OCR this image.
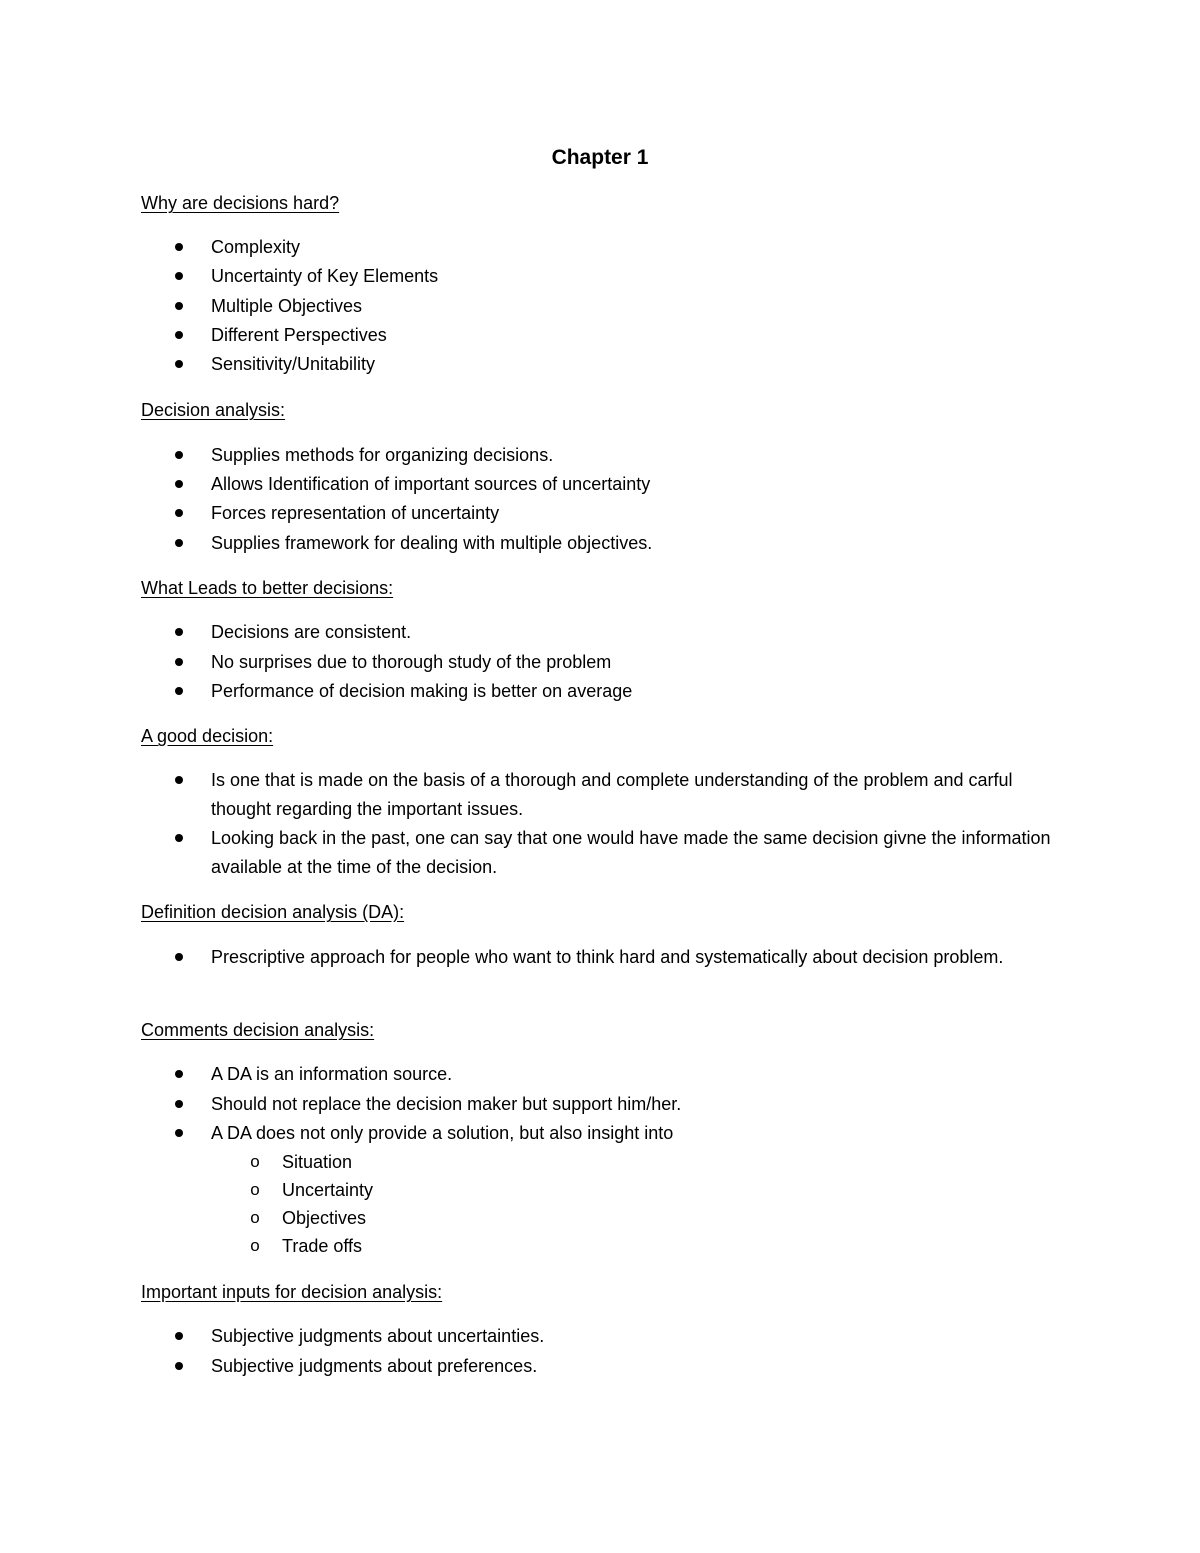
Chapter 1
Why are decisions hard?
Complexity
Uncertainty of Key Elements
Multiple Objectives
Different Perspectives
Sensitivity/Unitability
Decision analysis:
Supplies methods for organizing decisions.
Allows Identification of important sources of uncertainty
Forces representation of uncertainty
Supplies framework for dealing with multiple objectives.
What Leads to better decisions:
Decisions are consistent.
No surprises due to thorough study of the problem
Performance of decision making is better on average
A good decision:
Is one that is made on the basis of a thorough and complete understanding of the problem and carful thought regarding the important issues.
Looking back in the past, one can say that one would have made the same decision givne the information available at the time of the decision.
Definition decision analysis (DA):
Prescriptive approach for people who want to think hard and systematically about decision problem.
Comments decision analysis:
A DA is an information source.
Should not replace the decision maker but support him/her.
A DA does not only provide a solution, but also insight into
o Situation
o Uncertainty
o Objectives
o Trade offs
Important inputs for decision analysis:
Subjective judgments about uncertainties.
Subjective judgments about preferences.
